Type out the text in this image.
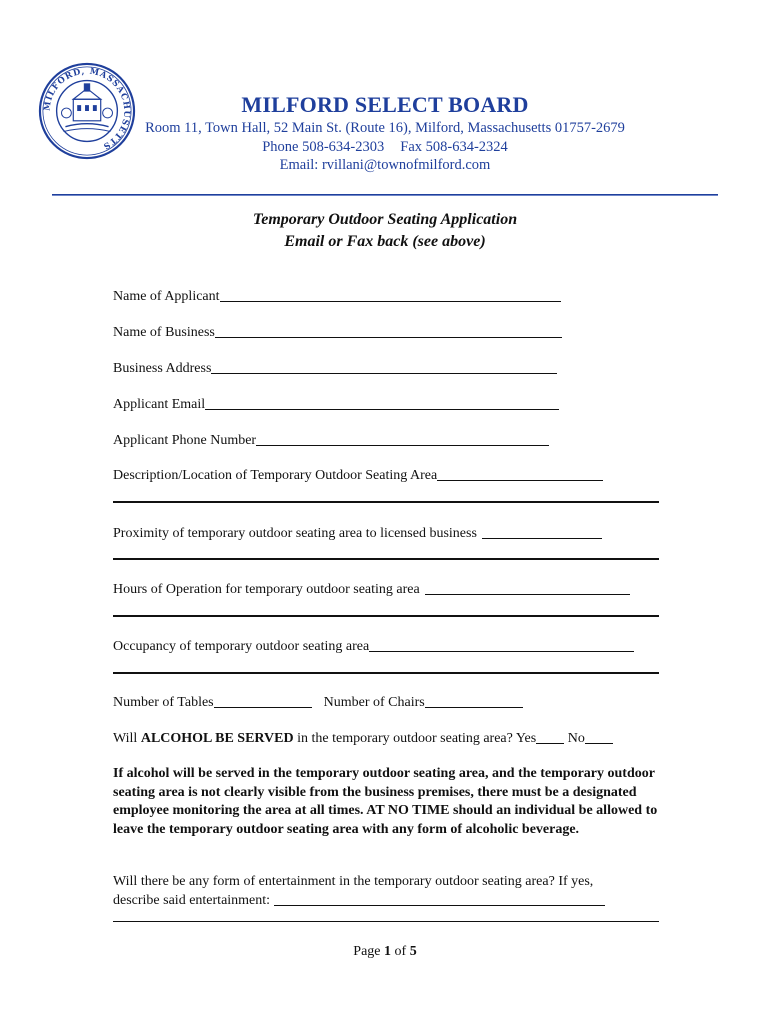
MILFORD, MASSACHUSETTS
MILFORD SELECT BOARD
Room 11, Town Hall, 52 Main St. (Route 16), Milford, Massachusetts 01757-2679
Phone 508-634-2303 Fax 508-634-2324
Email: rvillani@townofmilford.com
Temporary Outdoor Seating Application
Email or Fax back (see above)
Name of Applicant
Name of Business
Business Address
Applicant Email
Applicant Phone Number
Description/Location of Temporary Outdoor Seating Area
Proximity of temporary outdoor seating area to licensed business
Hours of Operation for temporary outdoor seating area
Occupancy of temporary outdoor seating area
Number of Tables	Number of Chairs
Will ALCOHOL BE SERVED in the temporary outdoor seating area? Yes No
If alcohol will be served in the temporary outdoor seating area, and the temporary outdoor seating area is not clearly visible from the business premises, there must be a designated employee monitoring the area at all times. AT NO TIME should an individual be allowed to leave the temporary outdoor seating area with any form of alcoholic beverage.
Will there be any form of entertainment in the temporary outdoor seating area? If yes,
describe said entertainment:
Page 1 of 5
